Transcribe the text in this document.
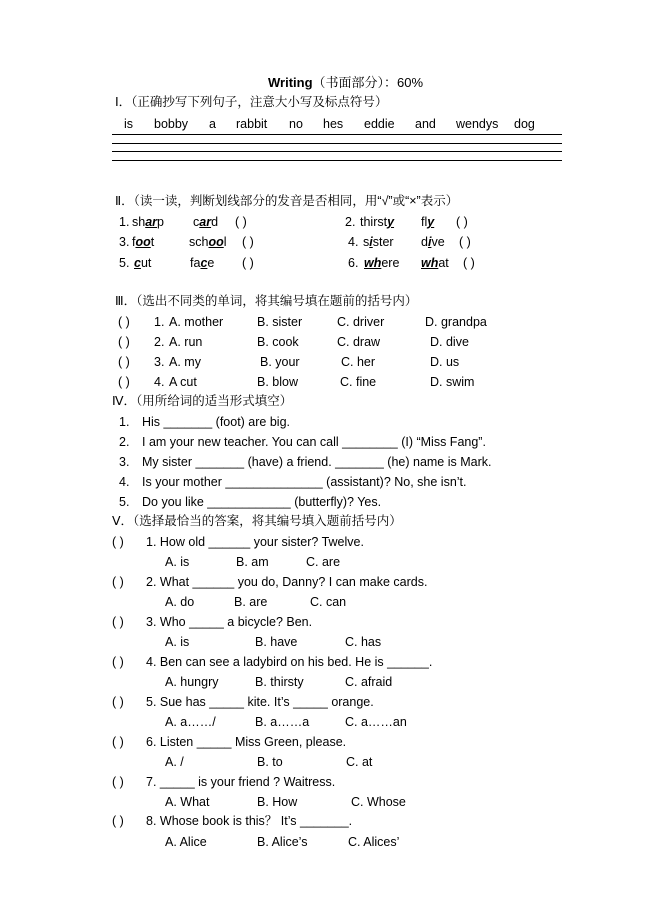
Writing（书面部分）：60%
Ⅰ．（正确抄写下列句子，注意大小写及标点符号）
is bobby a rabbit no hes eddie and wendys dog
Ⅱ．（读一读，判断划线部分的发音是否相同，用“√”或“×”表示）
1. sharp card ( )	2. thirsty fly ( )
3. foot	school ( )	4. sister dive ( )
5. cut	face ( )	6. where what ( )
Ⅲ．（选出不同类的单词，将其编号填在题前的括号内）
( ) 1. A. mother	B. sister	C. driver	D. grandpa
( ) 2. A. run	B. cook	C. draw	D. dive
( ) 3. A. my	B. your	C. her	D. us
( ) 4. A cut	B. blow	C. fine	D. swim
Ⅳ．（用所给词的适当形式填空）
1. His _______ (foot) are big.
2. I am your new teacher. You can call ________ (I) “Miss Fang”.
3. My sister _______ (have) a friend. _______ (he) name is Mark.
4. Is your mother ______________ (assistant)? No, she isn’t.
5. Do you like ____________ (butterfly)? Yes.
Ⅴ．（选择最恰当的答案，将其编号填入题前括号内）
( ) 1. How old ______ your sister? Twelve.
A. is	B. am	C. are
( ) 2. What ______ you do, Danny? I can make cards.
A. do	B. are	C. can
( ) 3. Who _____ a bicycle? Ben.
A. is	B. have	C. has
( ) 4. Ben can see a ladybird on his bed. He is ______.
A. hungry	B. thirsty	C. afraid
( ) 5. Sue has _____ kite. It’s _____ orange.
A. a……/	B. a……a	C. a……an
( ) 6. Listen _____ Miss Green, please.
A. /	B. to	C. at
( ) 7. _____ is your friend ? Waitress.
A. What	B. How	C. Whose
( ) 8. Whose book is this？ It’s _______.
A. Alice	B. Alice’s	C. Alices’
